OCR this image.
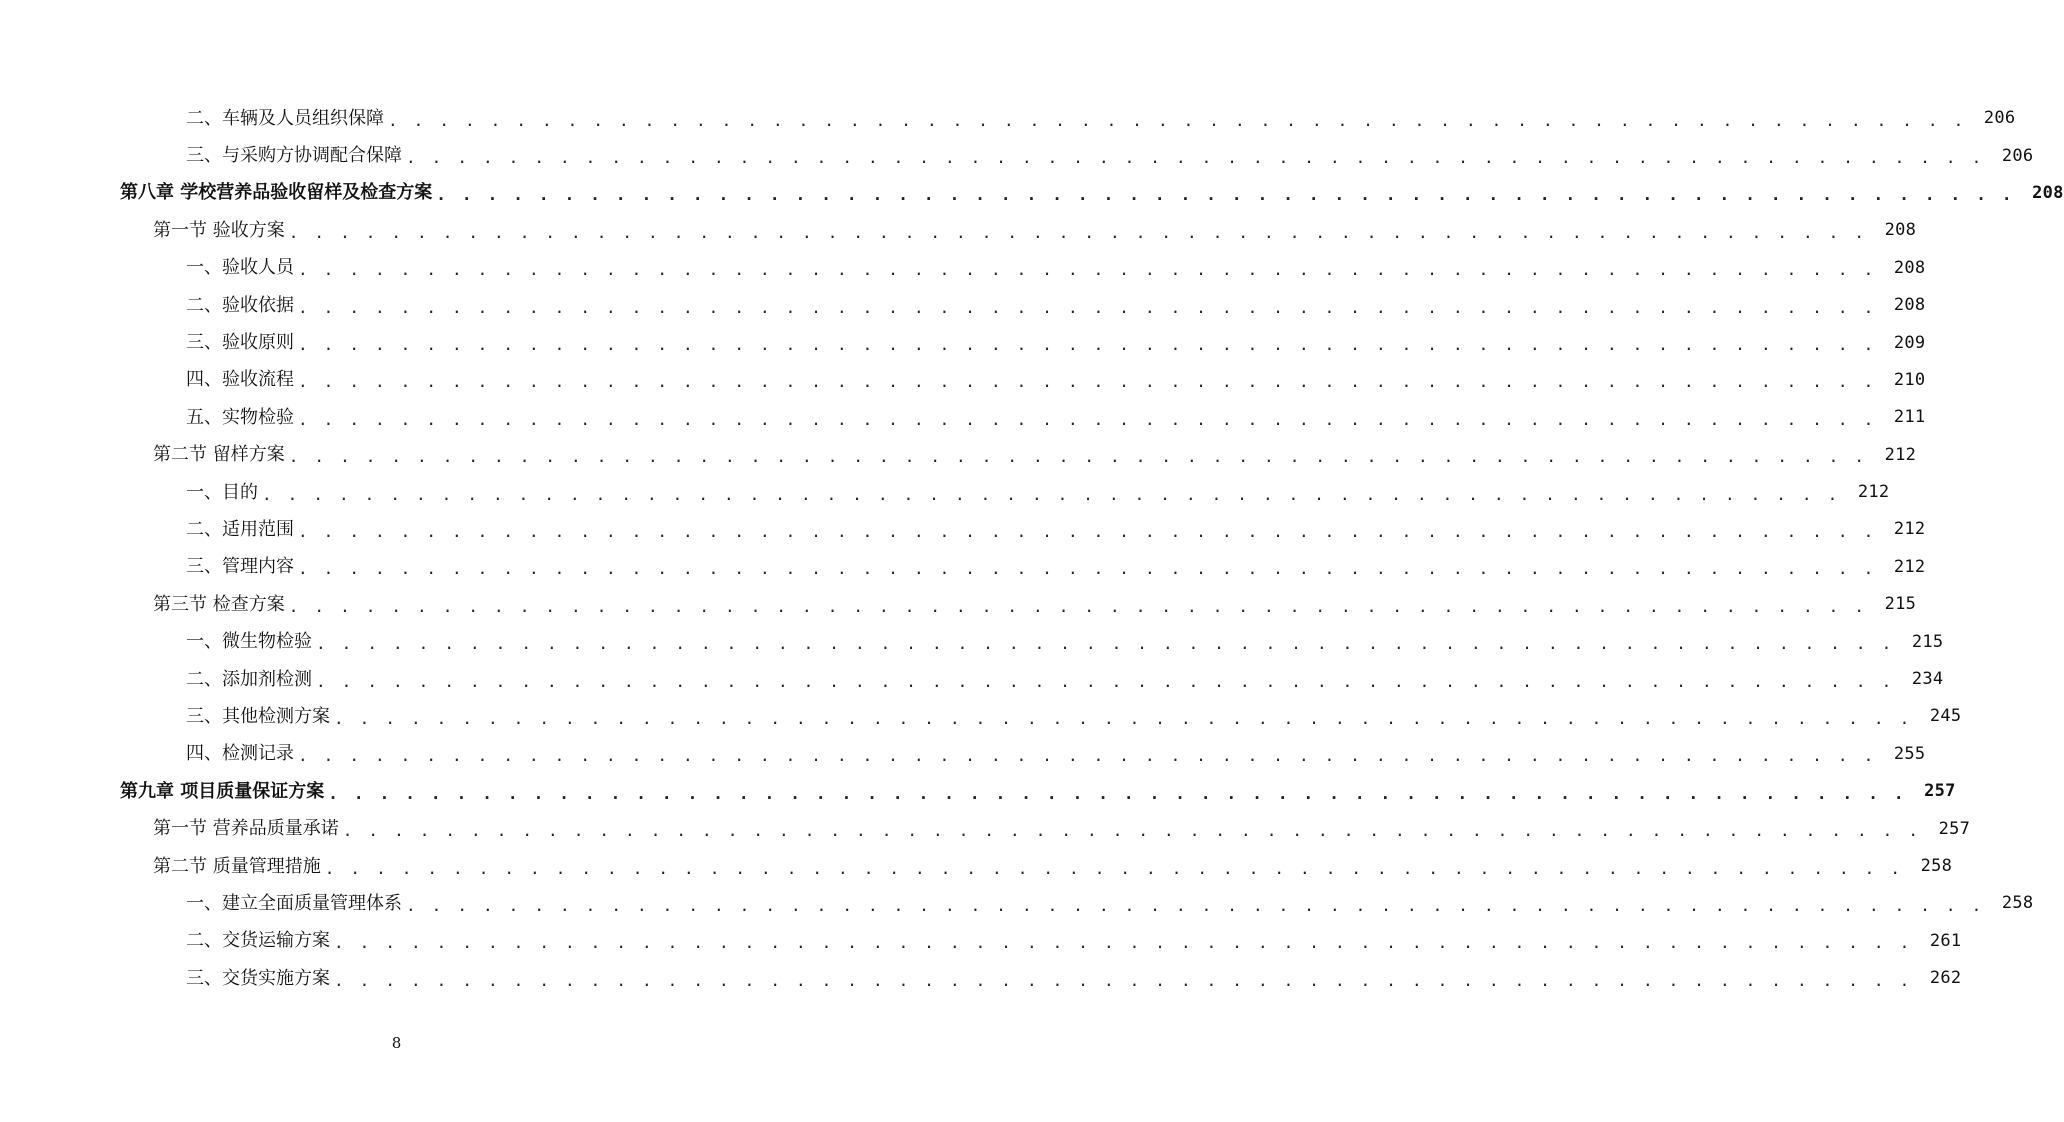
二、车辆及人员组织保障 . . . . . . . . . . . . . . . . . . . . . . . . . . . . . . . . . . . . . . . . . . . . . . . . . . . . . . . . . . . . . .	206
三、与采购方协调配合保障 . . . . . . . . . . . . . . . . . . . . . . . . . . . . . . . . . . . . . . . . . . . . . . . . . . . . . . . . . . . . . .	206
第八章 学校营养品验收留样及检查方案 . . . . . . . . . . . . . . . . . . . . . . . . . . . . . . . . . . . . . . . . . . . . . . . . . . . . . . . . . . . . . .	208
第一节 验收方案 . . . . . . . . . . . . . . . . . . . . . . . . . . . . . . . . . . . . . . . . . . . . . . . . . . . . . . . . . . . . . .	208
一、验收人员 . . . . . . . . . . . . . . . . . . . . . . . . . . . . . . . . . . . . . . . . . . . . . . . . . . . . . . . . . . . . . .	208
二、验收依据 . . . . . . . . . . . . . . . . . . . . . . . . . . . . . . . . . . . . . . . . . . . . . . . . . . . . . . . . . . . . . .	208
三、验收原则 . . . . . . . . . . . . . . . . . . . . . . . . . . . . . . . . . . . . . . . . . . . . . . . . . . . . . . . . . . . . . .	209
四、验收流程 . . . . . . . . . . . . . . . . . . . . . . . . . . . . . . . . . . . . . . . . . . . . . . . . . . . . . . . . . . . . . .	210
五、实物检验 . . . . . . . . . . . . . . . . . . . . . . . . . . . . . . . . . . . . . . . . . . . . . . . . . . . . . . . . . . . . . .	211
第二节 留样方案 . . . . . . . . . . . . . . . . . . . . . . . . . . . . . . . . . . . . . . . . . . . . . . . . . . . . . . . . . . . . . .	212
一、目的 . . . . . . . . . . . . . . . . . . . . . . . . . . . . . . . . . . . . . . . . . . . . . . . . . . . . . . . . . . . . . .	212
二、适用范围 . . . . . . . . . . . . . . . . . . . . . . . . . . . . . . . . . . . . . . . . . . . . . . . . . . . . . . . . . . . . . .	212
三、管理内容 . . . . . . . . . . . . . . . . . . . . . . . . . . . . . . . . . . . . . . . . . . . . . . . . . . . . . . . . . . . . . .	212
第三节 检查方案 . . . . . . . . . . . . . . . . . . . . . . . . . . . . . . . . . . . . . . . . . . . . . . . . . . . . . . . . . . . . . .	215
一、微生物检验 . . . . . . . . . . . . . . . . . . . . . . . . . . . . . . . . . . . . . . . . . . . . . . . . . . . . . . . . . . . . . .	215
二、添加剂检测 . . . . . . . . . . . . . . . . . . . . . . . . . . . . . . . . . . . . . . . . . . . . . . . . . . . . . . . . . . . . . .	234
三、其他检测方案 . . . . . . . . . . . . . . . . . . . . . . . . . . . . . . . . . . . . . . . . . . . . . . . . . . . . . . . . . . . . . .	245
四、检测记录 . . . . . . . . . . . . . . . . . . . . . . . . . . . . . . . . . . . . . . . . . . . . . . . . . . . . . . . . . . . . . .	255
第九章 项目质量保证方案 . . . . . . . . . . . . . . . . . . . . . . . . . . . . . . . . . . . . . . . . . . . . . . . . . . . . . . . . . . . . . .	257
第一节 营养品质量承诺 . . . . . . . . . . . . . . . . . . . . . . . . . . . . . . . . . . . . . . . . . . . . . . . . . . . . . . . . . . . . . .	257
第二节 质量管理措施 . . . . . . . . . . . . . . . . . . . . . . . . . . . . . . . . . . . . . . . . . . . . . . . . . . . . . . . . . . . . . .	258
一、建立全面质量管理体系 . . . . . . . . . . . . . . . . . . . . . . . . . . . . . . . . . . . . . . . . . . . . . . . . . . . . . . . . . . . . . .	258
二、交货运输方案 . . . . . . . . . . . . . . . . . . . . . . . . . . . . . . . . . . . . . . . . . . . . . . . . . . . . . . . . . . . . . .	261
三、交货实施方案 . . . . . . . . . . . . . . . . . . . . . . . . . . . . . . . . . . . . . . . . . . . . . . . . . . . . . . . . . . . . . .	262
8
